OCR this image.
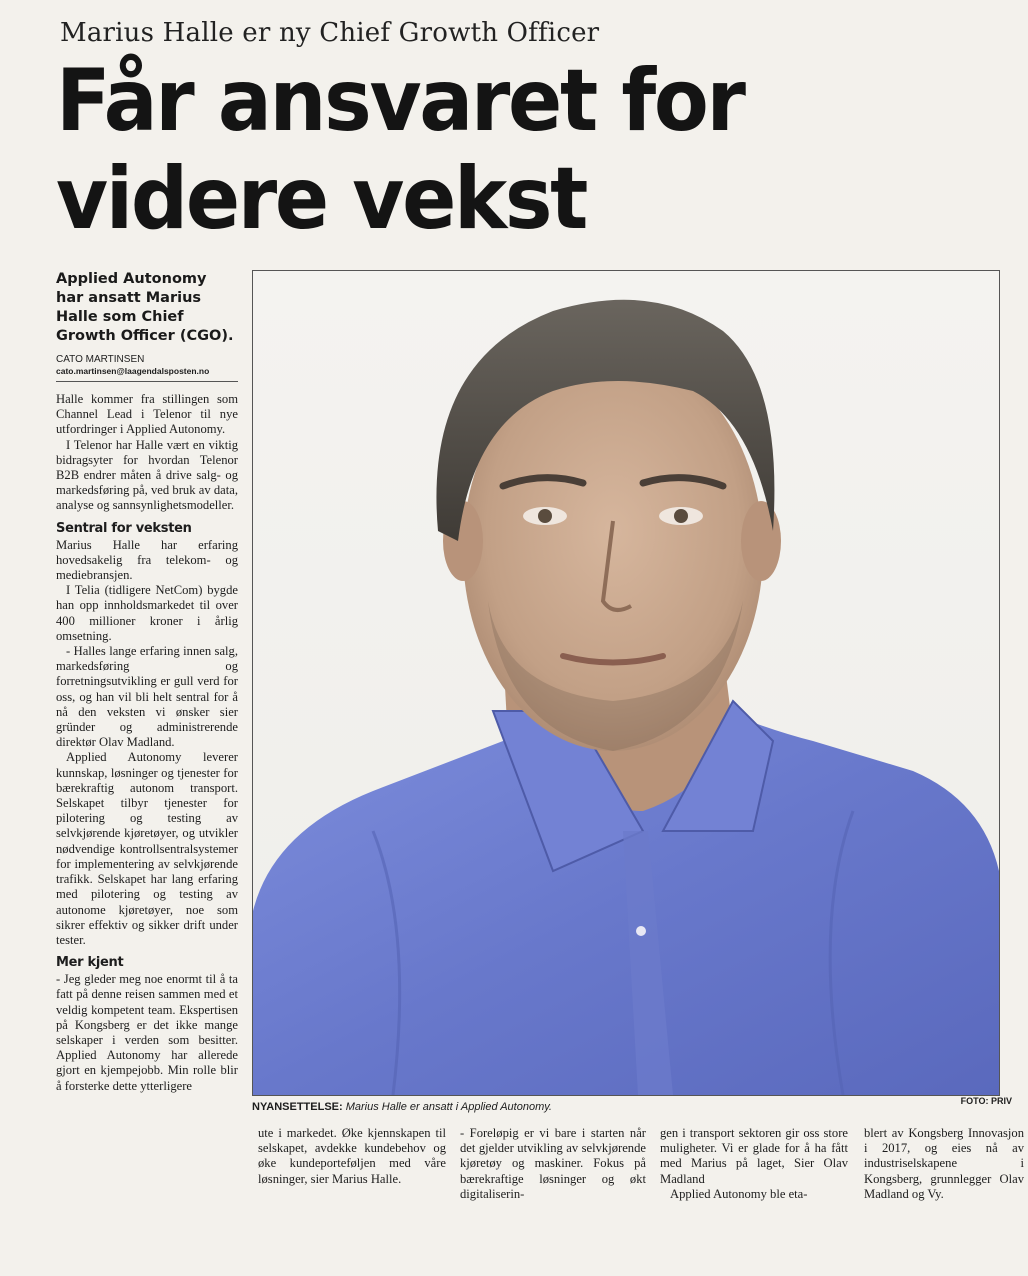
Marius Halle er ny Chief Growth Officer
Får ansvaret for
videre vekst

Applied Autonomy har ansatt Marius Halle som Chief Growth Officer (CGO).

CATO MARTINSEN

cato.martinsen@laagendalsposten.no

Halle kommer fra stillingen som Channel Lead i Telenor til nye utfordringer i Applied Autonomy.

I Telenor har Halle vært en viktig bidragsyter for hvordan Telenor B2B endrer måten å drive salg- og markedsføring på, ved bruk av data, analyse og sannsynlighetsmodeller.

Sentral for veksten

Marius Halle har erfaring hovedsakelig fra telekom- og mediebransjen.

I Telia (tidligere NetCom) bygde han opp innholdsmarkedet til over 400 millioner kroner i årlig omsetning.

- Halles lange erfaring innen salg, markedsføring og forretningsutvikling er gull verd for oss, og han vil bli helt sentral for å nå den veksten vi ønsker sier gründer og administrerende direktør Olav Madland.

Applied Autonomy leverer kunnskap, løsninger og tjenester for bærekraftig autonom transport. Selskapet tilbyr tjenester for pilotering og testing av selvkjørende kjøretøyer, og utvikler nødvendige kontrollsentralsystemer for implementering av selvkjørende trafikk. Selskapet har lang erfaring med pilotering og testing av autonome kjøretøyer, noe som sikrer effektiv og sikker drift under tester.

Mer kjent

- Jeg gleder meg noe enormt til å ta fatt på denne reisen sammen med et veldig kompetent team. Ekspertisen på Kongsberg er det ikke mange selskaper i verden som besitter. Applied Autonomy har allerede gjort en kjempejobb. Min rolle blir å forsterke dette ytterligere

NYANSETTELSE: Marius Halle er ansatt i Applied Autonomy.	FOTO: PRIV

ute i markedet. Øke kjennskapen til selskapet, avdekke kundebehov og øke kundeporteføljen med våre løsninger, sier Marius Halle.

- Foreløpig er vi bare i starten når det gjelder utvikling av selvkjørende kjøretøy og maskiner. Fokus på bærekraftige løsninger og økt digitaliserin-

gen i transport sektoren gir oss store muligheter. Vi er glade for å ha fått med Marius på laget, Sier Olav Madland

Applied Autonomy ble eta-

blert av Kongsberg Innovasjon i 2017, og eies nå av industriselskapene i Kongsberg, grunnlegger Olav Madland og Vy.
